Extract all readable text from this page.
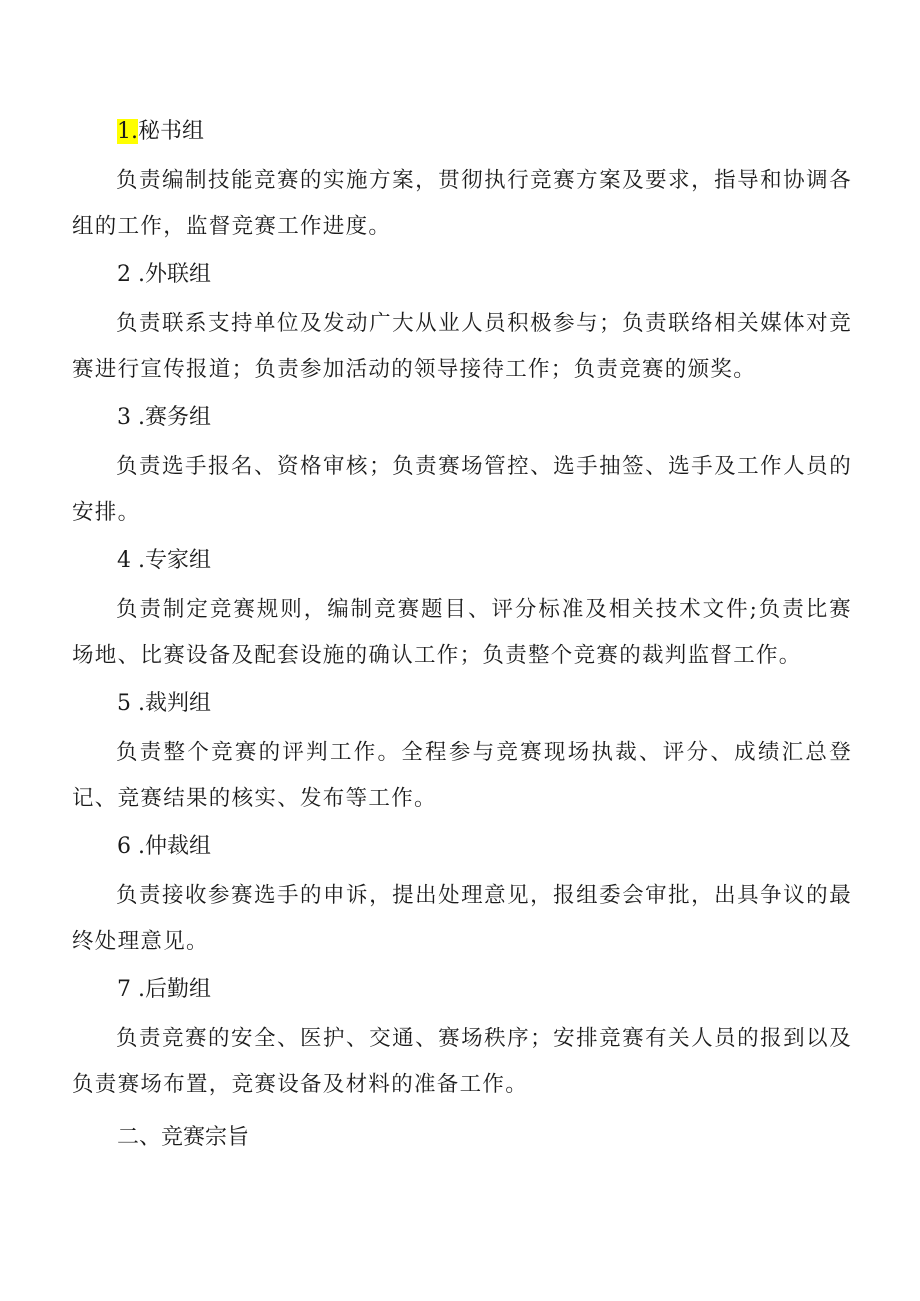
1.秘书组

负责编制技能竞赛的实施方案，贯彻执行竞赛方案及要求，指导和协调各组的工作，监督竞赛工作进度。

2 .外联组

负责联系支持单位及发动广大从业人员积极参与；负责联络相关媒体对竞赛进行宣传报道；负责参加活动的领导接待工作；负责竞赛的颁奖。

3 .赛务组

负责选手报名、资格审核；负责赛场管控、选手抽签、选手及工作人员的安排。

4 .专家组

负责制定竞赛规则，编制竞赛题目、评分标准及相关技术文件;负责比赛场地、比赛设备及配套设施的确认工作；负责整个竞赛的裁判监督工作。

5 .裁判组

负责整个竞赛的评判工作。全程参与竞赛现场执裁、评分、成绩汇总登记、竞赛结果的核实、发布等工作。

6 .仲裁组

负责接收参赛选手的申诉，提出处理意见，报组委会审批，出具争议的最终处理意见。

7 .后勤组

负责竞赛的安全、医护、交通、赛场秩序；安排竞赛有关人员的报到以及负责赛场布置，竞赛设备及材料的准备工作。

二、竞赛宗旨
